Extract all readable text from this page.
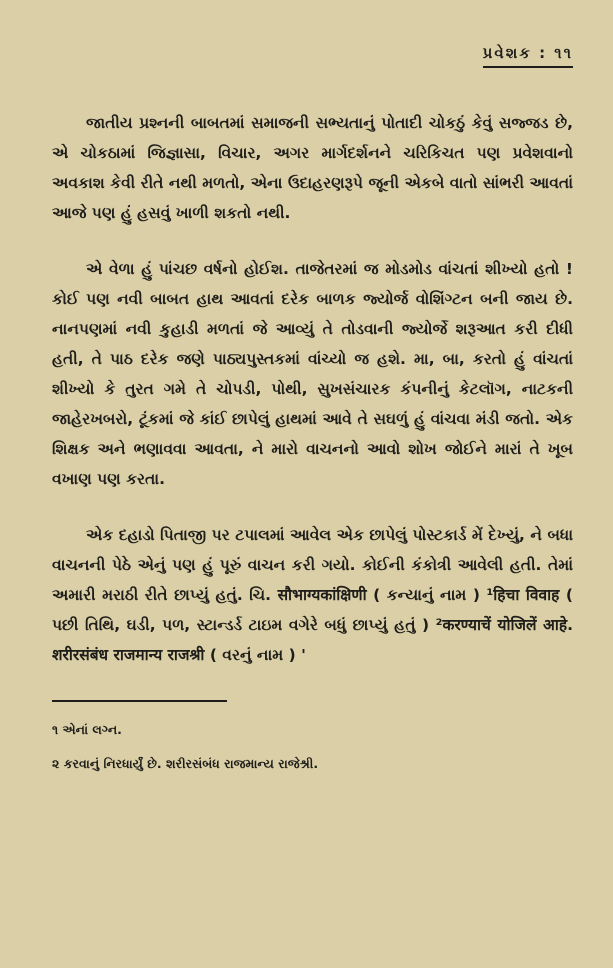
પ્રવેશક : ૧૧

જાતીય પ્રશ્નની બાબતમાં સમાજની સભ્યતાનું પોતાદી ચોકઠું કેવું સજ્જડ છે, એ ચોકઠામાં જિજ્ઞાસા, વિચાર, અગર માર્ગદર્શનને ચરિકિચત પણ પ્રવેશવાનો અવકાશ કેવી રીતે નથી મળતો, એના ઉદાહરણરૂપે જૂની એકબે વાતો સાંભરી આવતાં આજે પણ હું હસવું ખાળી શકતો નથી.

એ વેળા હું પાંચછ વર્ષનો હોઈશ. તાજેતરમાં જ મોડમોડ વાંચતાં શીખ્યો હતો ! કોઈ પણ નવી બાબત હાથ આવતાં દરેક બાળક જ્યોર્જ વોશિંગ્ટન બની જાય છે. નાનપણમાં નવી કુહાડી મળતાં જે આવ્યું તે તોડવાની જ્યોર્જે શરૂઆત કરી દીધી હતી, તે પાઠ દરેક જણે પાઠ્યપુસ્તકમાં વાંચ્યો જ હશે. મા, બા, કરતો હું વાંચતાં શીખ્યો કે તુરત ગમે તે ચોપડી, પોથી, સુખસંચારક કંપનીનું કેટલૉગ, નાટકની જાહેરખબરો, ટૂંકમાં જે કાંઈ છાપેલું હાથમાં આવે તે સઘળું હું વાંચવા મંડી જતો. એક શિક્ષક અને ભણાવવા આવતા, ને મારો વાચનનો આવો શોખ જોઈને મારાં તે ખૂબ વખાણ પણ કરતા.

એક દહાડો પિતાજી પર ટપાલમાં આવેલ એક છાપેલું પોસ્ટકાર્ડ મેં દેખ્યું, ને બધા વાચનની પેઠે એનું પણ હું પૂરું વાચન કરી ગયો. કોઈની કંકોત્રી આવેલી હતી. તેમાં અમારી મરાઠી રીતે છાપ્યું હતું. ચિ. सौभाग्यकांक्षिणी ( કન્યાનું નામ ) ¹हिचा विवाह ( પછી તિથિ, ઘડી, પળ, સ્ટાન્ડર્ડ ટાઇમ વગેરે બધું છાપ્યું હતું ) ²करण्याचें योजिलें आहे. शरीरसंबंध राजमान्य राजश्री ( વરનું નામ ) '

૧ એનાં લગ્ન.

૨ કરવાનું નિરધાર્યું છે. શરીરસંબંધ રાજમાન્ય રાજેશ્રી.
